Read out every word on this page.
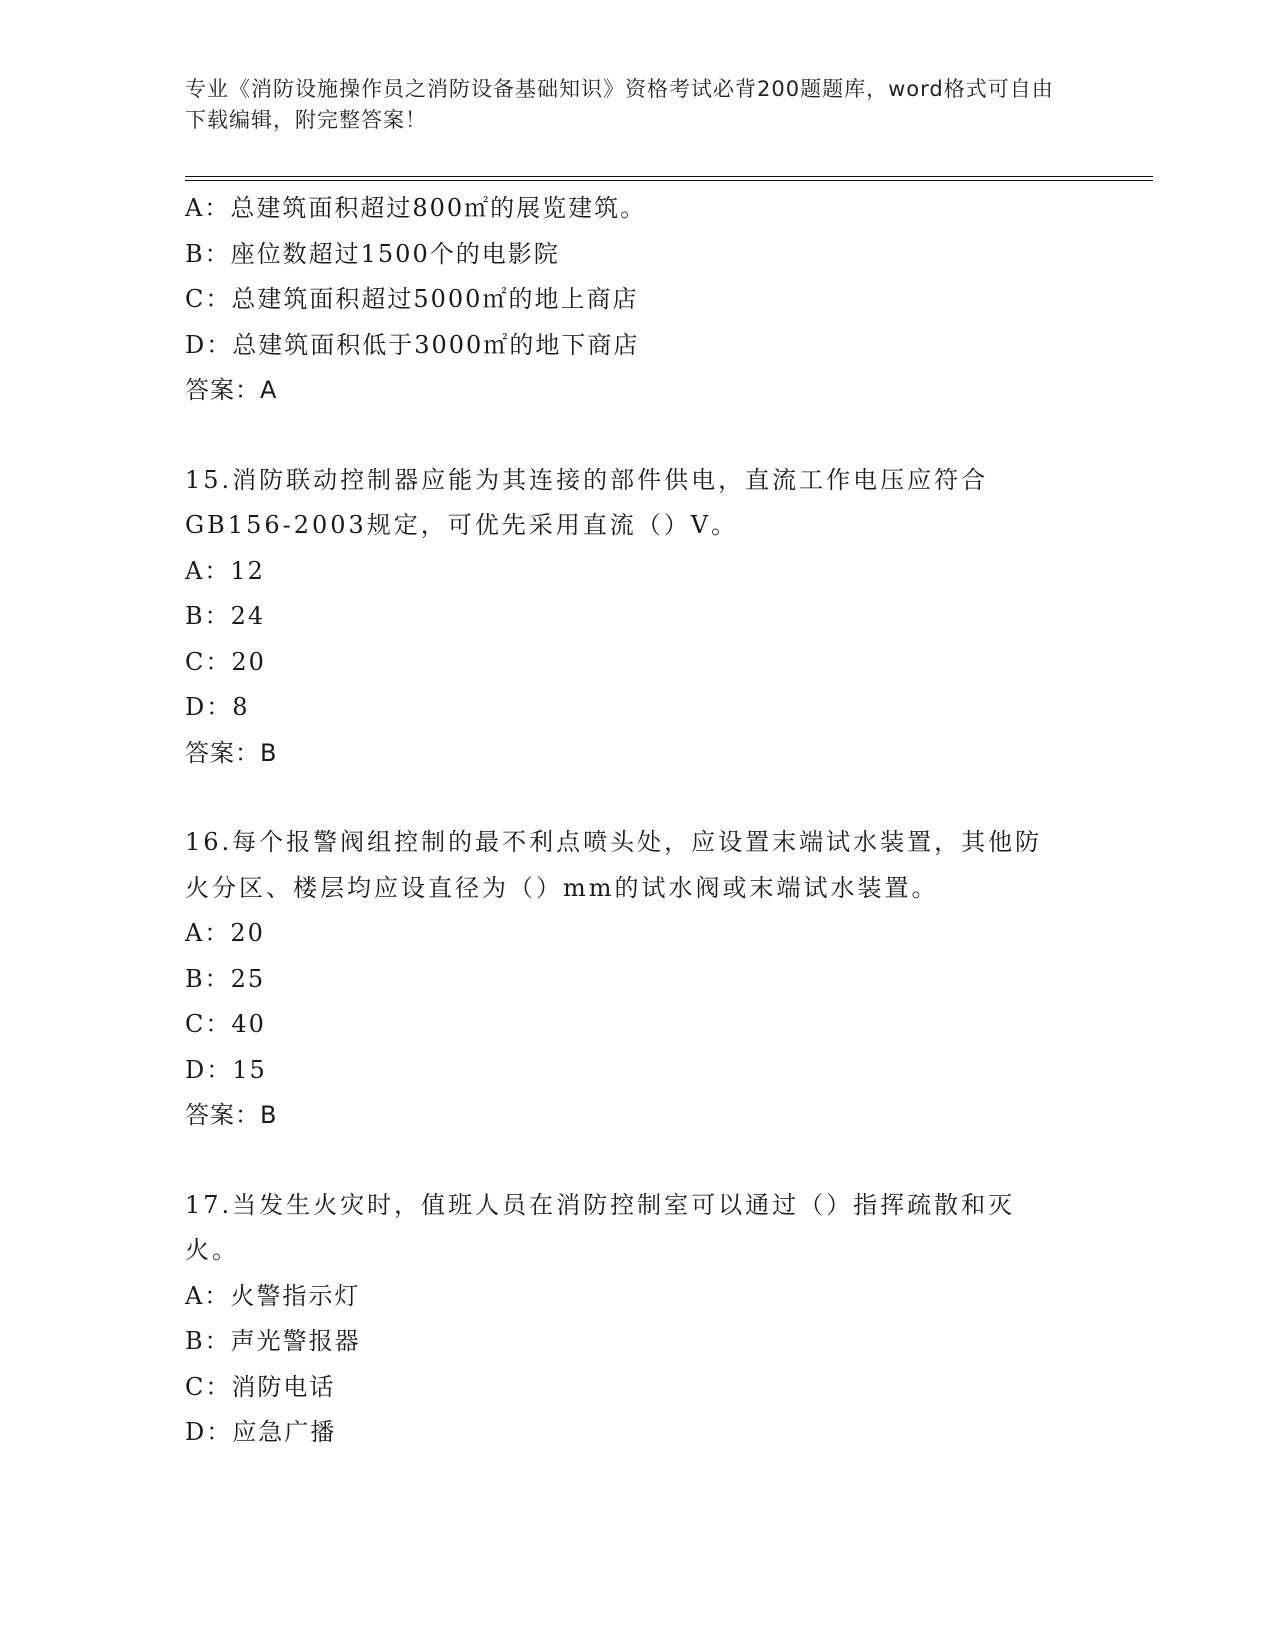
专业《消防设施操作员之消防设备基础知识》资格考试必背200题题库，word格式可自由下载编辑，附完整答案！
A：总建筑面积超过800㎡的展览建筑。
B：座位数超过1500个的电影院
C：总建筑面积超过5000㎡的地上商店
D：总建筑面积低于3000㎡的地下商店
答案：A
15.消防联动控制器应能为其连接的部件供电，直流工作电压应符合GB156-2003规定，可优先采用直流（）V。
A：12
B：24
C：20
D：8
答案：B
16.每个报警阀组控制的最不利点喷头处，应设置末端试水装置，其他防火分区、楼层均应设直径为（）mm的试水阀或末端试水装置。
A：20
B：25
C：40
D：15
答案：B
17.当发生火灾时，值班人员在消防控制室可以通过（）指挥疏散和灭火。
A：火警指示灯
B：声光警报器
C：消防电话
D：应急广播
